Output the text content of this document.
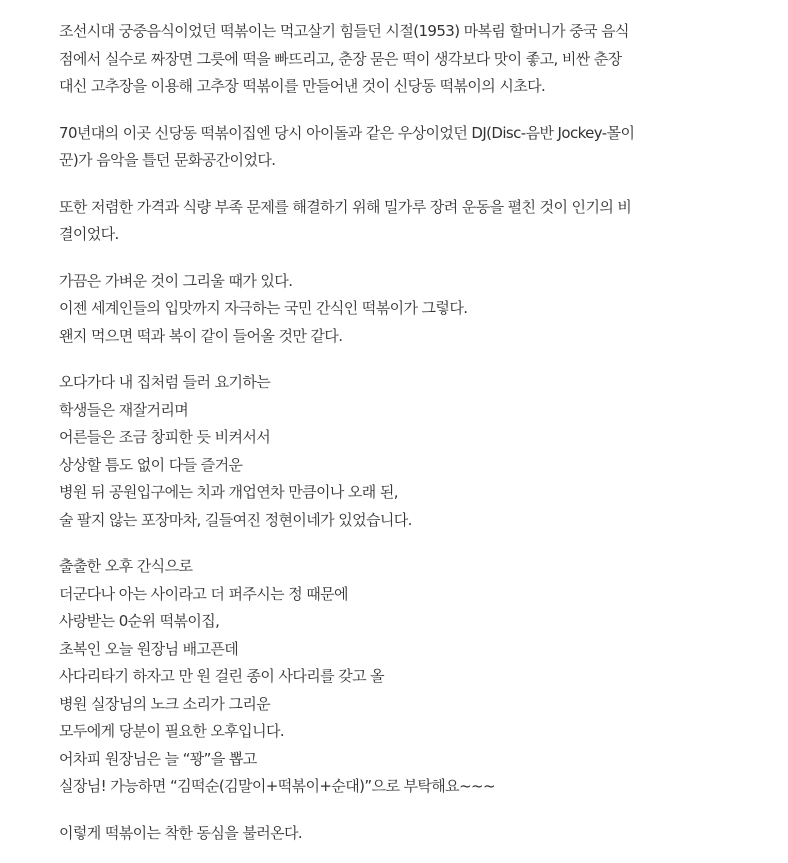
조선시대 궁중음식이었던 떡볶이는 먹고살기 힘들던 시절(1953) 마복림 할머니가 중국 음식
점에서 실수로 짜장면 그릇에 떡을 빠뜨리고, 춘장 묻은 떡이 생각보다 맛이 좋고, 비싼 춘장
대신 고추장을 이용해 고추장 떡볶이를 만들어낸 것이 신당동 떡볶이의 시초다.

70년대의 이곳 신당동 떡볶이집엔 당시 아이돌과 같은 우상이었던 DJ(Disc-음반 Jockey-몰이
꾼)가 음악을 틀던 문화공간이었다.

또한 저렴한 가격과 식량 부족 문제를 해결하기 위해 밀가루 장려 운동을 펼친 것이 인기의 비
결이었다.

가끔은 가벼운 것이 그리울 때가 있다.
이젠 세계인들의 입맛까지 자극하는 국민 간식인 떡볶이가 그렇다.
왠지 먹으면 떡과 복이 같이 들어올 것만 같다.

오다가다 내 집처럼 들러 요기하는
학생들은 재잘거리며
어른들은 조금 창피한 듯 비켜서서
상상할 틈도 없이 다들 즐거운
병원 뒤 공원입구에는 치과 개업연차 만큼이나 오래 된,
술 팔지 않는 포장마차, 길들여진 정현이네가 있었습니다.

출출한 오후 간식으로
더군다나 아는 사이라고 더 퍼주시는 정 때문에
사랑받는 0순위 떡볶이집,
초복인 오늘 원장님 배고픈데
사다리타기 하자고 만 원 걸린 종이 사다리를 갖고 올
병원 실장님의 노크 소리가 그리운
모두에게 당분이 필요한 오후입니다.
어차피 원장님은 늘 “꽝”을 뽑고
실장님! 가능하면 “김떡순(김말이+떡볶이+순대)”으로 부탁해요~~~

이렇게 떡볶이는 착한 동심을 불러온다.
